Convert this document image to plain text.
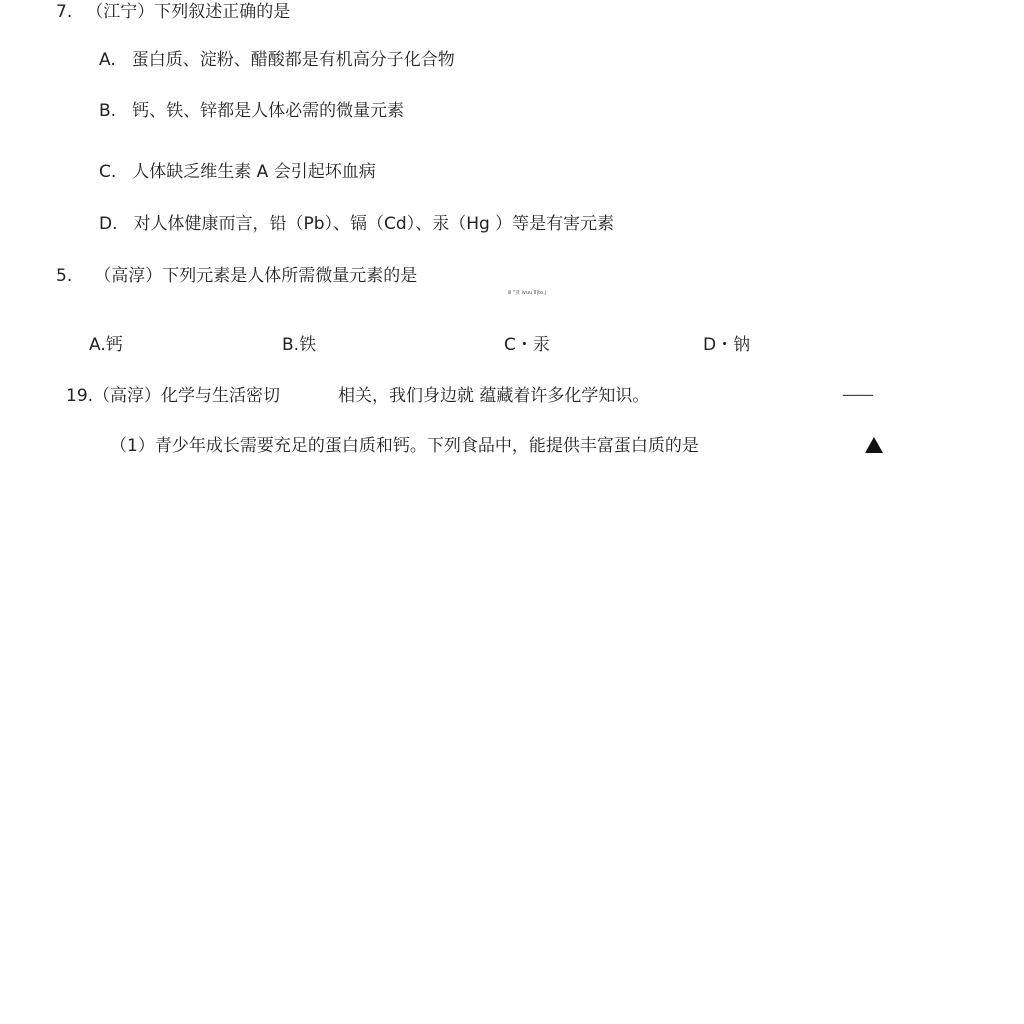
7. （江宁）下列叙述正确的是
A. 蛋白质、淀粉、醋酸都是有机高分子化合物
B. 钙、铁、锌都是人体必需的微量元素
C. 人体缺乏维生素 A 会引起坏血病
D. 对人体健康而言，铅（Pb）、镉（Cd）、汞（Hg ）等是有害元素
5. （高淳）下列元素是人体所需微量元素的是
ⅲ "亚 ivuu Ⅱ|to.j
A.钙	B.铁	C・汞	D・钠
19.（高淳）化学与生活密切	相关，我们身边就 蕴藏着许多化学知识。	——
（1）青少年成长需要充足的蛋白质和钙。下列食品中，能提供丰富蛋白质的是
